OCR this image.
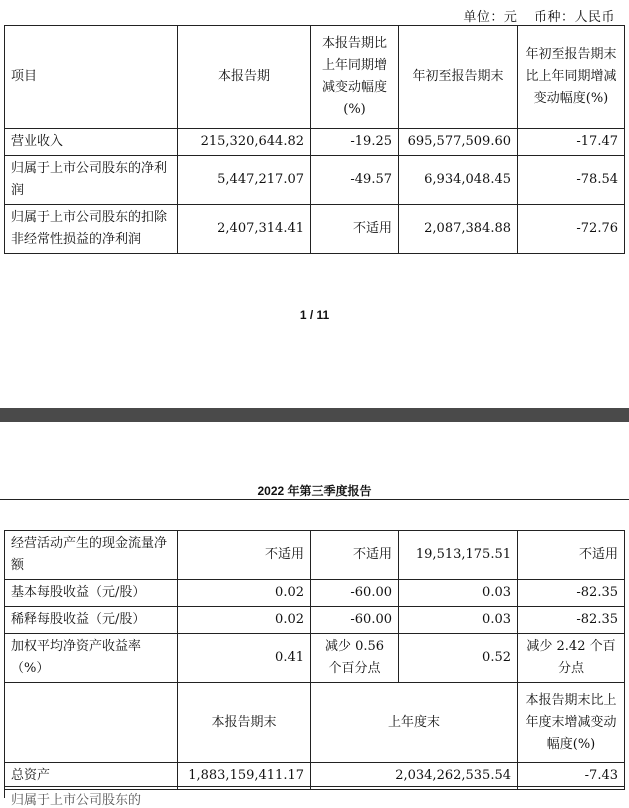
单位：元 币种：人民币
项目	本报告期	本报告期比上年同期增减变动幅度(%)	年初至报告期末	年初至报告期末比上年同期增减变动幅度(%)
营业收入	215,320,644.82	-19.25	695,577,509.60	-17.47
归属于上市公司股东的净利润	5,447,217.07	-49.57	6,934,048.45	-78.54
归属于上市公司股东的扣除非经常性损益的净利润	2,407,314.41	不适用	2,087,384.88	-72.76
1 / 11
2022 年第三季度报告
经营活动产生的现金流量净额	不适用	不适用	19,513,175.51	不适用
基本每股收益（元/股）	0.02	-60.00	0.03	-82.35
稀释每股收益（元/股）	0.02	-60.00	0.03	-82.35
加权平均净资产收益率（%）	0.41	减少 0.56 个百分点	0.52	减少 2.42 个百分点
	本报告期末	上年度末		本报告期末比上年度末增减变动幅度(%)
总资产	1,883,159,411.17	2,034,262,535.54		-7.43
归属于上市公司股东的
